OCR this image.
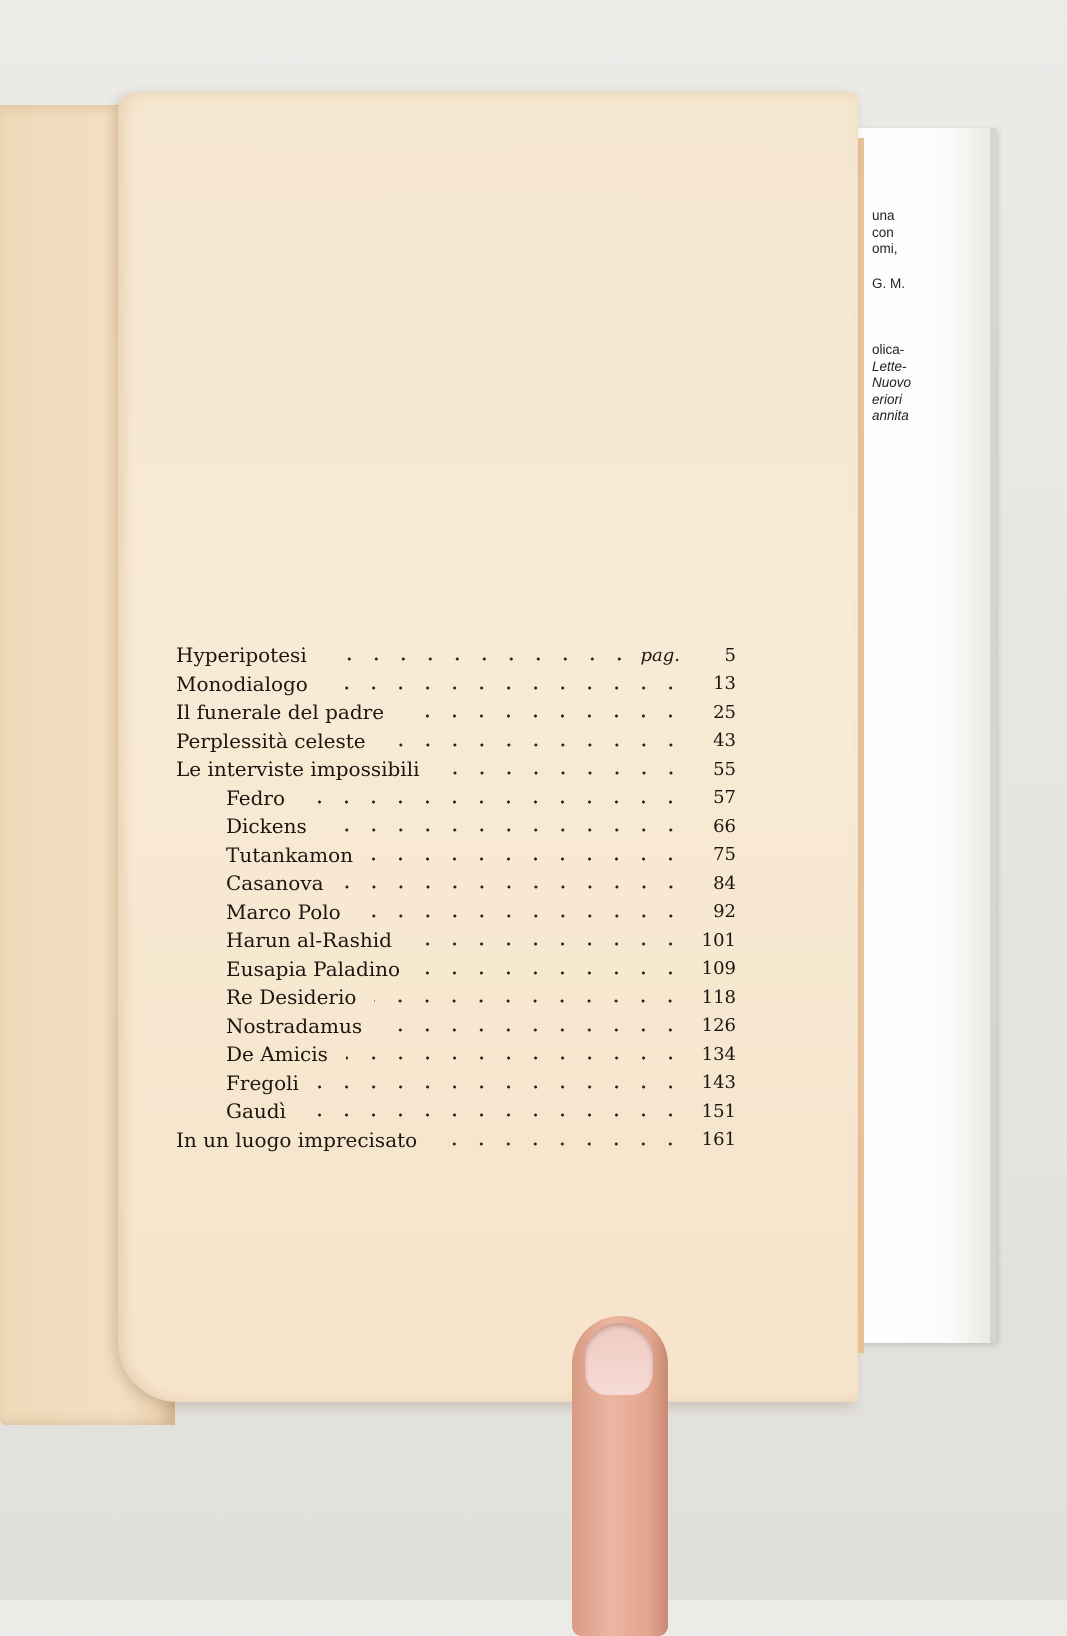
una
con
omi,
G. M.
olica-
Lette-
Nuovo
eriori
annita
Hyperipotesi	pag.	5
Monodialogo	13
Il funerale del padre	25
Perplessità celeste	43
Le interviste impossibili	55
Fedro	57
Dickens	66
Tutankamon	75
Casanova	84
Marco Polo	92
Harun al-Rashid	101
Eusapia Paladino	109
Re Desiderio	118
Nostradamus	126
De Amicis	134
Fregoli	143
Gaudì	151
In un luogo imprecisato	161
